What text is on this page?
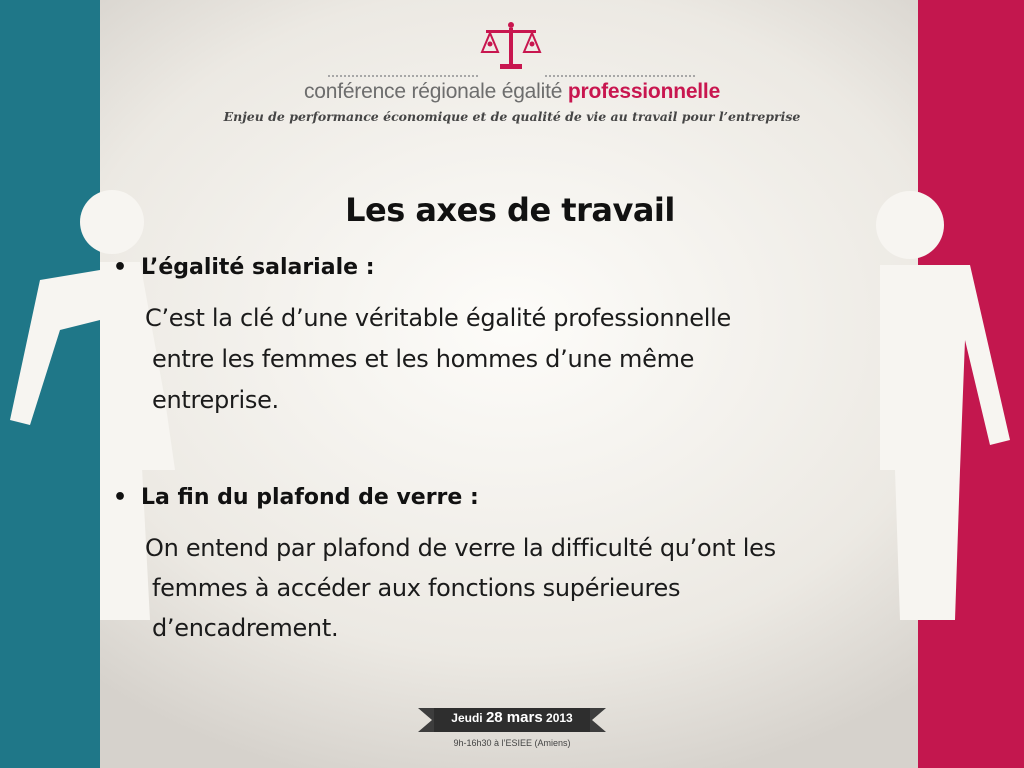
conférence régionale égalité professionnelle
Enjeu de performance économique et de qualité de vie au travail pour l’entreprise
Les axes de travail
• L’égalité salariale :
C’est la clé d’une véritable égalité professionnelle
entre les femmes et les hommes d’une même
entreprise.
• La fin du plafond de verre :
On entend par plafond de verre la difficulté qu’ont les
femmes à accéder aux fonctions supérieures
d’encadrement.
Jeudi 28 mars 2013
9h-16h30 à l’ESIEE (Amiens)
